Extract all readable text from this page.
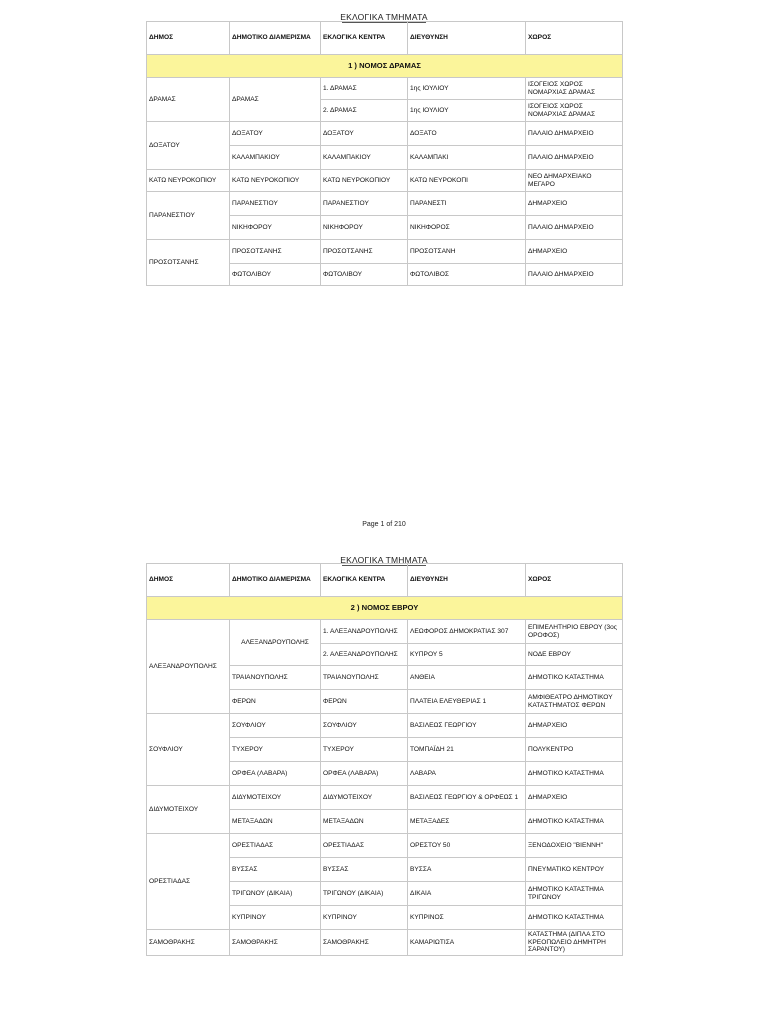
ΕΚΛΟΓΙΚΑ ΤΜΗΜΑΤΑ
ΔΗΜΟΣ	ΔΗΜΟΤΙΚΟ ΔΙΑΜΕΡΙΣΜΑ	ΕΚΛΟΓΙΚΑ ΚΕΝΤΡΑ	ΔΙΕΥΘΥΝΣΗ	ΧΩΡΟΣ
1 ) ΝΟΜΟΣ ΔΡΑΜΑΣ				
ΔΡΑΜΑΣ	ΔΡΑΜΑΣ	1. ΔΡΑΜΑΣ	1ης ΙΟΥΛΙΟΥ	ΙΣΟΓΕΙΟΣ ΧΩΡΟΣ ΝΟΜΑΡΧΙΑΣ ΔΡΑΜΑΣ
		2. ΔΡΑΜΑΣ	1ης ΙΟΥΛΙΟΥ	ΙΣΟΓΕΙΟΣ ΧΩΡΟΣ ΝΟΜΑΡΧΙΑΣ ΔΡΑΜΑΣ
ΔΟΞΑΤΟΥ	ΔΟΞΑΤΟΥ	ΔΟΞΑΤΟΥ	ΔΟΞΑΤΟ	ΠΑΛΑΙΟ ΔΗΜΑΡΧΕΙΟ
	ΚΑΛΑΜΠΑΚΙΟΥ	ΚΑΛΑΜΠΑΚΙΟΥ	ΚΑΛΑΜΠΑΚΙ	ΠΑΛΑΙΟ ΔΗΜΑΡΧΕΙΟ
ΚΑΤΩ ΝΕΥΡΟΚΟΠΙΟΥ	ΚΑΤΩ ΝΕΥΡΟΚΟΠΙΟΥ	ΚΑΤΩ ΝΕΥΡΟΚΟΠΙΟΥ	ΚΑΤΩ ΝΕΥΡΟΚΟΠΙ	ΝΕΟ ΔΗΜΑΡΧΕΙΑΚΟ ΜΕΓΑΡΟ
ΠΑΡΑΝΕΣΤΙΟΥ	ΠΑΡΑΝΕΣΤΙΟΥ	ΠΑΡΑΝΕΣΤΙΟΥ	ΠΑΡΑΝΕΣΤΙ	ΔΗΜΑΡΧΕΙΟ
	ΝΙΚΗΦΟΡΟΥ	ΝΙΚΗΦΟΡΟΥ	ΝΙΚΗΦΟΡΟΣ	ΠΑΛΑΙΟ ΔΗΜΑΡΧΕΙΟ
ΠΡΟΣΟΤΣΑΝΗΣ	ΠΡΟΣΟΤΣΑΝΗΣ	ΠΡΟΣΟΤΣΑΝΗΣ	ΠΡΟΣΟΤΣΑΝΗ	ΔΗΜΑΡΧΕΙΟ
	ΦΩΤΟΛΙΒΟΥ	ΦΩΤΟΛΙΒΟΥ	ΦΩΤΟΛΙΒΟΣ	ΠΑΛΑΙΟ ΔΗΜΑΡΧΕΙΟ
Page 1 of 210
ΕΚΛΟΓΙΚΑ ΤΜΗΜΑΤΑ
ΔΗΜΟΣ	ΔΗΜΟΤΙΚΟ ΔΙΑΜΕΡΙΣΜΑ	ΕΚΛΟΓΙΚΑ ΚΕΝΤΡΑ	ΔΙΕΥΘΥΝΣΗ	ΧΩΡΟΣ
2 ) ΝΟΜΟΣ ΕΒΡΟΥ				
ΑΛΕΞΑΝΔΡΟΥΠΟΛΗΣ	ΑΛΕΞΑΝΔΡΟΥΠΟΛΗΣ	1. ΑΛΕΞΑΝΔΡΟΥΠΟΛΗΣ	ΛΕΩΦΟΡΟΣ ΔΗΜΟΚΡΑΤΙΑΣ 307	ΕΠΙΜΕΛΗΤΗΡΙΟ ΕΒΡΟΥ (3ος ΟΡΟΦΟΣ)
		2. ΑΛΕΞΑΝΔΡΟΥΠΟΛΗΣ	ΚΥΠΡΟΥ 5	ΝΟΔΕ ΕΒΡΟΥ
	ΤΡΑΙΑΝΟΥΠΟΛΗΣ	ΤΡΑΙΑΝΟΥΠΟΛΗΣ	ΑΝΘΕΙΑ	ΔΗΜΟΤΙΚΟ ΚΑΤΑΣΤΗΜΑ
	ΦΕΡΩΝ	ΦΕΡΩΝ	ΠΛΑΤΕΙΑ ΕΛΕΥΘΕΡΙΑΣ 1	ΑΜΦΙΘΕΑΤΡΟ ΔΗΜΟΤΙΚΟΥ ΚΑΤΑΣΤΗΜΑΤΟΣ ΦΕΡΩΝ
ΣΟΥΦΛΙΟΥ	ΣΟΥΦΛΙΟΥ	ΣΟΥΦΛΙΟΥ	ΒΑΣΙΛΕΩΣ ΓΕΩΡΓΙΟΥ	ΔΗΜΑΡΧΕΙΟ
	ΤΥΧΕΡΟΥ	ΤΥΧΕΡΟΥ	ΤΟΜΠΑΪΔΗ 21	ΠΟΛΥΚΕΝΤΡΟ
	ΟΡΦΕΑ (ΛΑΒΑΡΑ)	ΟΡΦΕΑ (ΛΑΒΑΡΑ)	ΛΑΒΑΡΑ	ΔΗΜΟΤΙΚΟ ΚΑΤΑΣΤΗΜΑ
ΔΙΔΥΜΟΤΕΙΧΟΥ	ΔΙΔΥΜΟΤΕΙΧΟΥ	ΔΙΔΥΜΟΤΕΙΧΟΥ	ΒΑΣΙΛΕΩΣ ΓΕΩΡΓΙΟΥ & ΟΡΦΕΩΣ 1	ΔΗΜΑΡΧΕΙΟ
	ΜΕΤΑΞΑΔΩΝ	ΜΕΤΑΞΑΔΩΝ	ΜΕΤΑΞΑΔΕΣ	ΔΗΜΟΤΙΚΟ ΚΑΤΑΣΤΗΜΑ
ΟΡΕΣΤΙΑΔΑΣ	ΟΡΕΣΤΙΑΔΑΣ	ΟΡΕΣΤΙΑΔΑΣ	ΟΡΕΣΤΟΥ 50	ΞΕΝΟΔΟΧΕΙΟ "ΒΙΕΝΝΗ"
	ΒΥΣΣΑΣ	ΒΥΣΣΑΣ	ΒΥΣΣΑ	ΠΝΕΥΜΑΤΙΚΟ ΚΕΝΤΡΟΥ
	ΤΡΙΓΩΝΟΥ (ΔΙΚΑΙΑ)	ΤΡΙΓΩΝΟΥ (ΔΙΚΑΙΑ)	ΔΙΚΑΙΑ	ΔΗΜΟΤΙΚΟ ΚΑΤΑΣΤΗΜΑ ΤΡΙΓΩΝΟΥ
	ΚΥΠΡΙΝΟΥ	ΚΥΠΡΙΝΟΥ	ΚΥΠΡΙΝΟΣ	ΔΗΜΟΤΙΚΟ ΚΑΤΑΣΤΗΜΑ
ΣΑΜΟΘΡΑΚΗΣ	ΣΑΜΟΘΡΑΚΗΣ	ΣΑΜΟΘΡΑΚΗΣ	ΚΑΜΑΡΙΩΤΙΣΑ	ΚΑΤΑΣΤΗΜΑ (ΔΙΠΛΑ ΣΤΟ ΚΡΕΟΠΩΛΕΙΟ ΔΗΜΗΤΡΗ ΣΑΡΑΝΤΟΥ)
